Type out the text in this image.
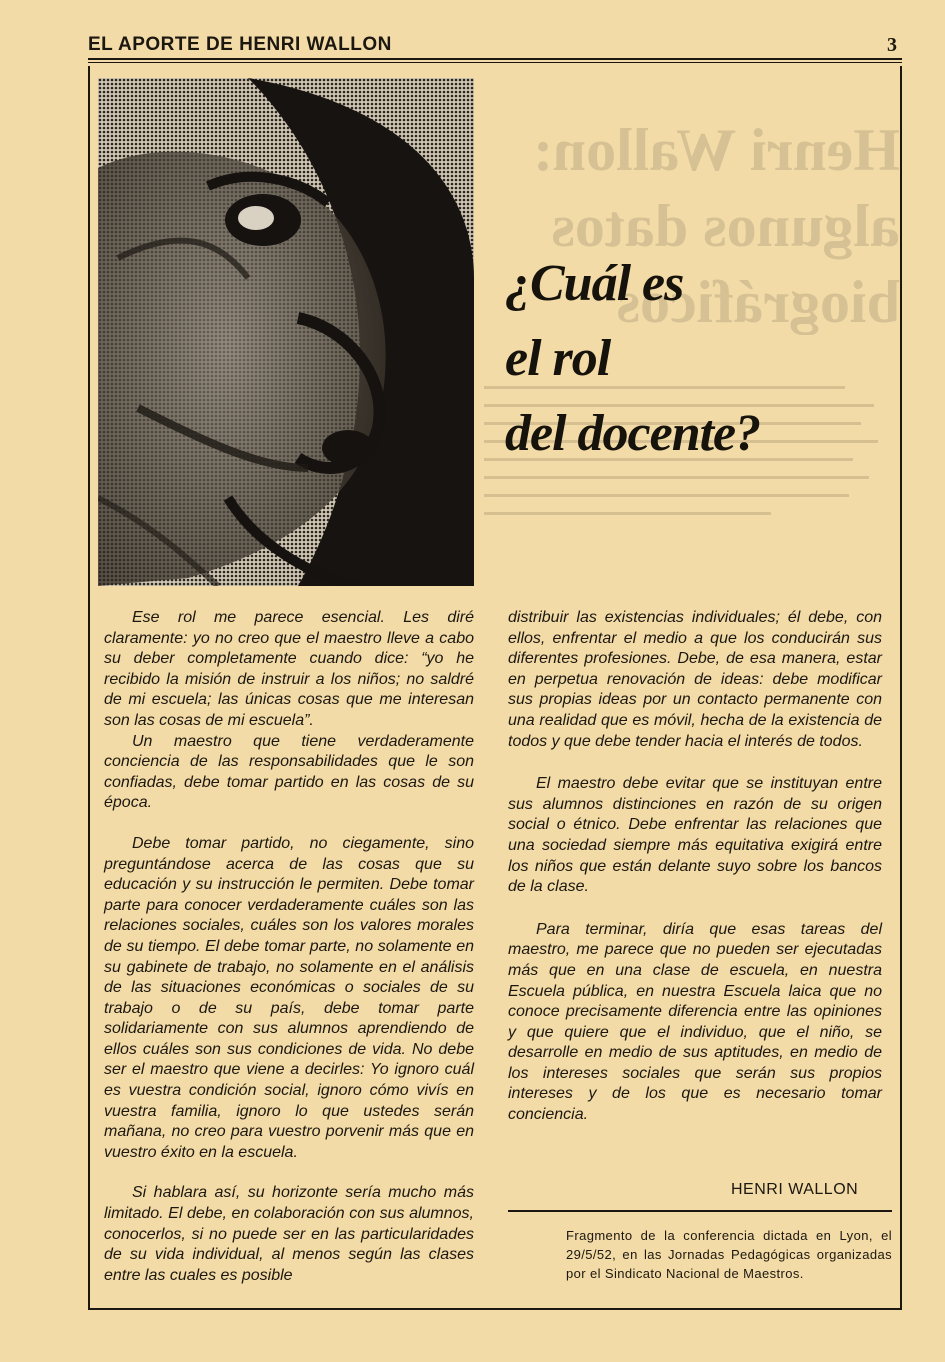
EL APORTE DE HENRI WALLON	3
Henri Wallon:
algunos datos biográficos
¿Cuál es
el rol
del docente?

Ese rol me parece esencial. Les diré claramente: yo no creo que el maestro lleve a cabo su deber completamente cuando dice: “yo he recibido la misión de instruir a los niños; no saldré de mi escuela; las únicas cosas que me interesan son las cosas de mi escuela”.

Un maestro que tiene verdaderamente conciencia de las responsabilidades que le son confiadas, debe tomar partido en las cosas de su época.

Debe tomar partido, no ciegamente, sino preguntándose acerca de las cosas que su educación y su instrucción le permiten. Debe tomar parte para conocer verdaderamente cuáles son las relaciones sociales, cuáles son los valores morales de su tiempo. El debe tomar parte, no solamente en su gabinete de trabajo, no solamente en el análisis de las situaciones económicas o sociales de su trabajo o de su país, debe tomar parte solidariamente con sus alumnos aprendiendo de ellos cuáles son sus condiciones de vida. No debe ser el maestro que viene a decirles: Yo ignoro cuál es vuestra condición social, ignoro cómo vivís en vuestra familia, ignoro lo que ustedes serán mañana, no creo para vuestro porvenir más que en vuestro éxito en la escuela.

Si hablara así, su horizonte sería mucho más limitado. El debe, en colaboración con sus alumnos, conocerlos, si no puede ser en las particularidades de su vida individual, al menos según las clases entre las cuales es posible

distribuir las existencias individuales; él debe, con ellos, enfrentar el medio a que los conducirán sus diferentes profesiones. Debe, de esa manera, estar en perpetua renovación de ideas: debe modificar sus propias ideas por un contacto permanente con una realidad que es móvil, hecha de la existencia de todos y que debe tender hacia el interés de todos.

El maestro debe evitar que se instituyan entre sus alumnos distinciones en razón de su origen social o étnico. Debe enfrentar las relaciones que una sociedad siempre más equitativa exigirá entre los niños que están delante suyo sobre los bancos de la clase.

Para terminar, diría que esas tareas del maestro, me parece que no pueden ser ejecutadas más que en una clase de escuela, en nuestra Escuela pública, en nuestra Escuela laica que no conoce precisamente diferencia entre las opiniones y que quiere que el individuo, que el niño, se desarrolle en medio de sus aptitudes, en medio de los intereses sociales que serán sus propios intereses y de los que es necesario tomar conciencia.

HENRI WALLON
Fragmento de la conferencia dictada en Lyon, el 29/5/52, en las Jornadas Pedagógicas organizadas por el Sindicato Nacional de Maestros.
